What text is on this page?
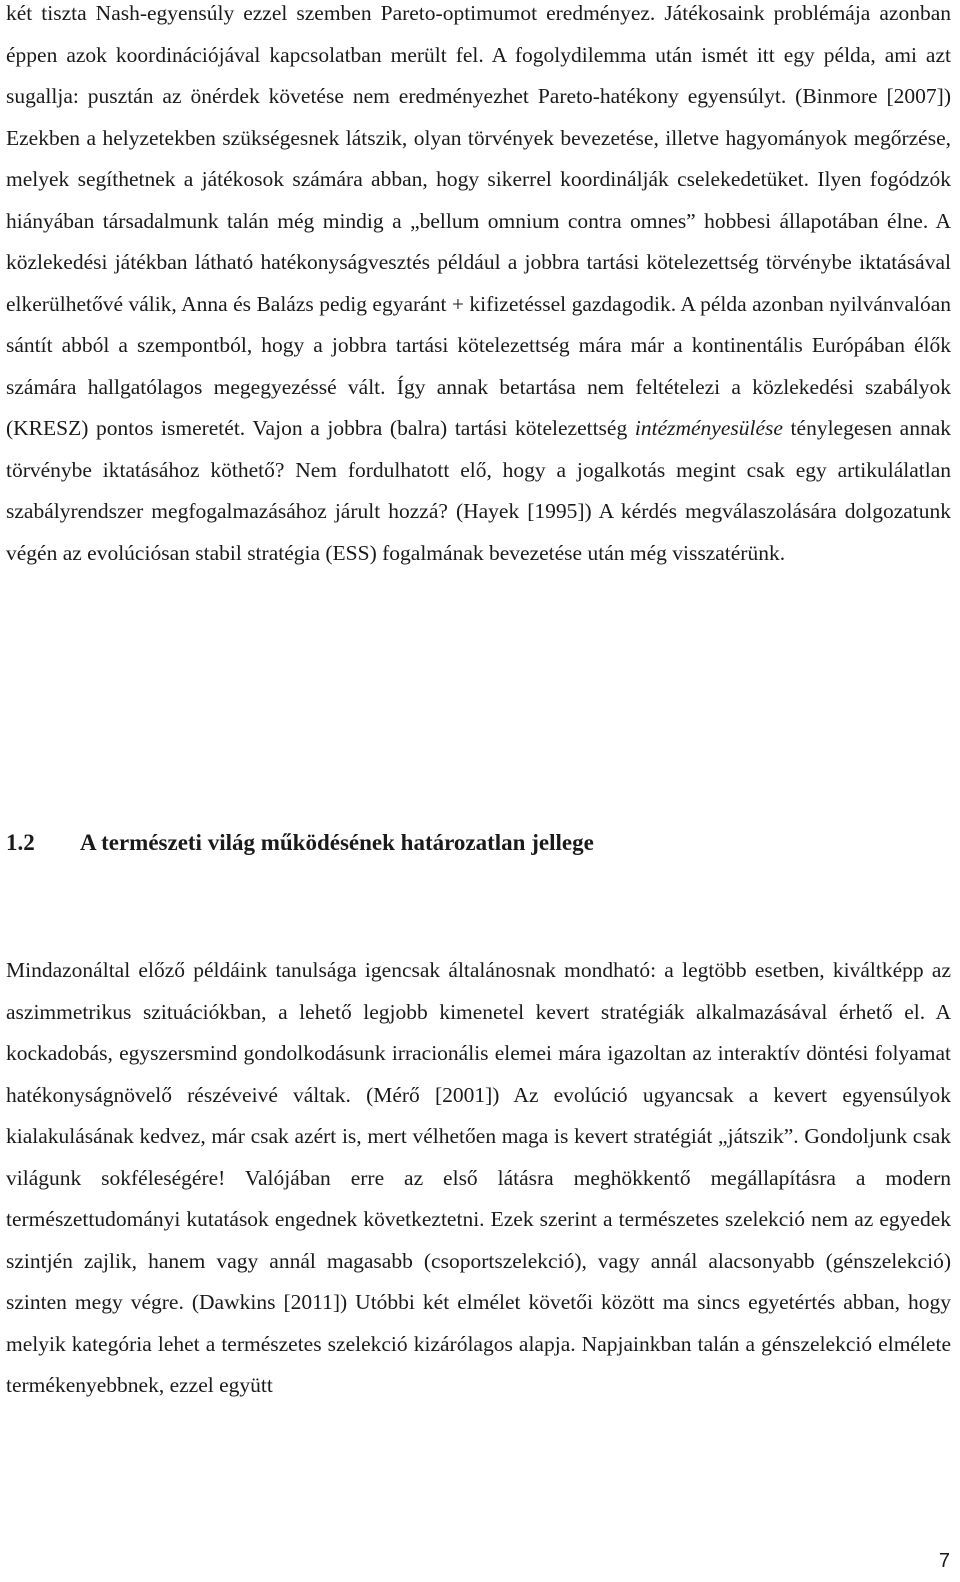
két tiszta Nash-egyensúly ezzel szemben Pareto-optimumot eredményez. Játékosaink problémája azonban éppen azok koordinációjával kapcsolatban merült fel. A fogolydilemma után ismét itt egy példa, ami azt sugallja: pusztán az önérdek követése nem eredményezhet Pareto-hatékony egyensúlyt. (Binmore [2007]) Ezekben a helyzetekben szükségesnek látszik, olyan törvények bevezetése, illetve hagyományok megőrzése, melyek segíthetnek a játékosok számára abban, hogy sikerrel koordinálják cselekedetüket. Ilyen fogódzók hiányában társadalmunk talán még mindig a „bellum omnium contra omnes” hobbesi állapotában élne. A közlekedési játékban látható hatékonyságvesztés például a jobbra tartási kötelezettség törvénybe iktatásával elkerülhetővé válik, Anna és Balázs pedig egyaránt + kifizetéssel gazdagodik. A példa azonban nyilvánvalóan sántít abból a szempontból, hogy a jobbra tartási kötelezettség mára már a kontinentális Európában élők számára hallgatólagos megegyezéssé vált. Így annak betartása nem feltételezi a közlekedési szabályok (KRESZ) pontos ismeretét. Vajon a jobbra (balra) tartási kötelezettség intézményesülése ténylegesen annak törvénybe iktatásához köthető? Nem fordulhatott elő, hogy a jogalkotás megint csak egy artikulálatlan szabályrendszer megfogalmazásához járult hozzá? (Hayek [1995]) A kérdés megválaszolására dolgozatunk végén az evolúciósan stabil stratégia (ESS) fogalmának bevezetése után még visszatérünk.

1.2 A természeti világ működésének határozatlan jellege

Mindazonáltal előző példáink tanulsága igencsak általánosnak mondható: a legtöbb esetben, kiváltképp az aszimmetrikus szituációkban, a lehető legjobb kimenetel kevert stratégiák alkalmazásával érhető el. A kockadobás, egyszersmind gondolkodásunk irracionális elemei mára igazoltan az interaktív döntési folyamat hatékonyságnövelő részéveivé váltak. (Mérő [2001]) Az evolúció ugyancsak a kevert egyensúlyok kialakulásának kedvez, már csak azért is, mert vélhetően maga is kevert stratégiát „játszik”. Gondoljunk csak világunk sokféleségére! Valójában erre az első látásra meghökkentő megállapításra a modern természettudományi kutatások engednek következtetni. Ezek szerint a természetes szelekció nem az egyedek szintjén zajlik, hanem vagy annál magasabb (csoportszelekció), vagy annál alacsonyabb (génszelekció) szinten megy végre. (Dawkins [2011]) Utóbbi két elmélet követői között ma sincs egyetértés abban, hogy melyik kategória lehet a természetes szelekció kizárólagos alapja. Napjainkban talán a génszelekció elmélete termékenyebbnek, ezzel együtt

7
